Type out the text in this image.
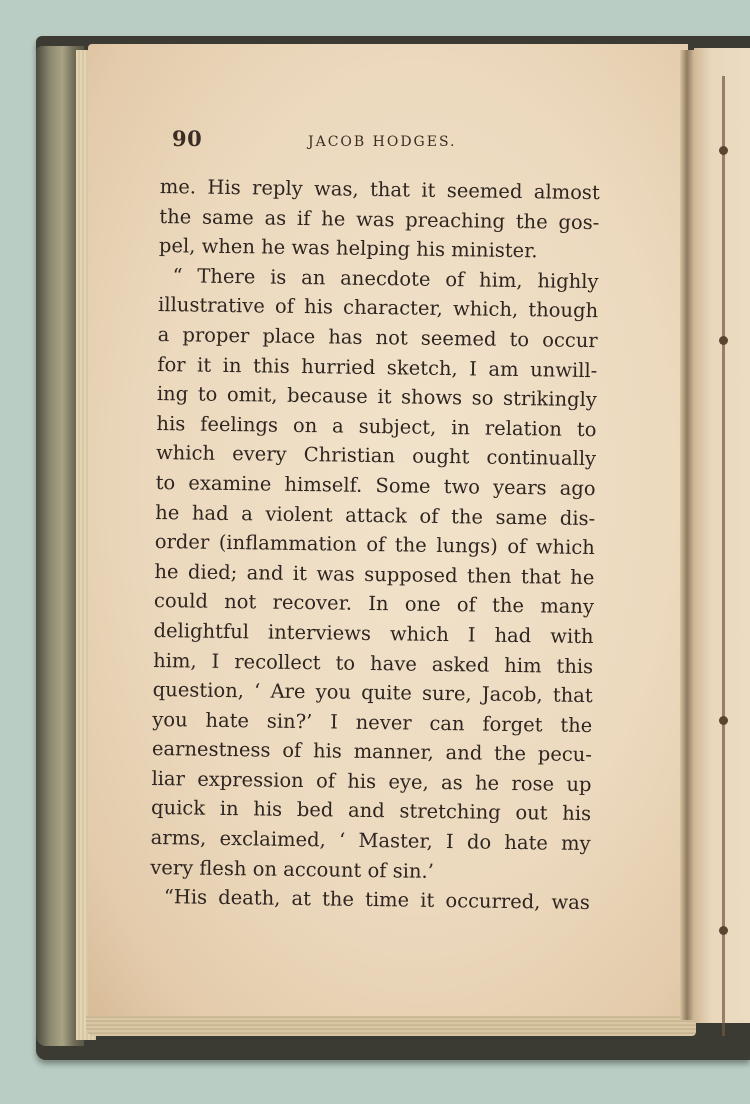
90	JACOB HODGES.
me. His reply was, that it seemed almost
the same as if he was preaching the gos-
pel, when he was helping his minister.
“ There is an anecdote of him, highly
illustrative of his character, which, though
a proper place has not seemed to occur
for it in this hurried sketch, I am unwill-
ing to omit, because it shows so strikingly
his feelings on a subject, in relation to
which every Christian ought continually
to examine himself. Some two years ago
he had a violent attack of the same dis-
order (inflammation of the lungs) of which
he died; and it was supposed then that he
could not recover. In one of the many
delightful interviews which I had with
him, I recollect to have asked him this
question, ‘ Are you quite sure, Jacob, that
you hate sin?’ I never can forget the
earnestness of his manner, and the pecu-
liar expression of his eye, as he rose up
quick in his bed and stretching out his
arms, exclaimed, ‘ Master, I do hate my
very flesh on account of sin.’
“His death, at the time it occurred, was
